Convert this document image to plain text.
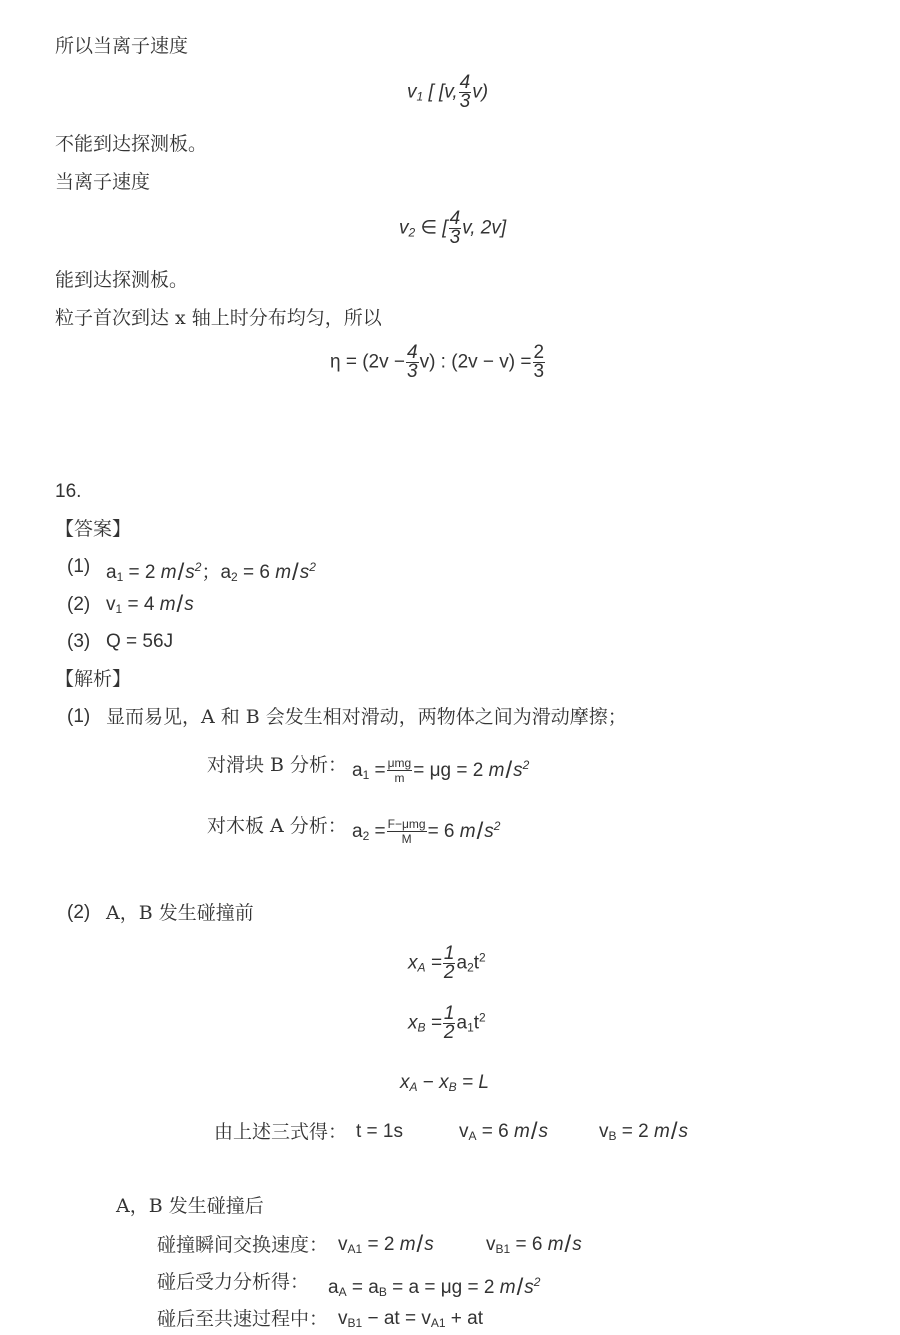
所以当离子速度
$v_1$ [ [v, $\frac{4}{3} v$)
不能到达探测板。
当离子速度
$v_2$ ∈ [ $\frac{4}{3} v$, 2v]
能到达探测板。
粒子首次到达 x 轴上时分布均匀，所以
$\eta = (2v - \frac{4}{3} v)$ : $(2v - v) = \frac{2}{3}$
16.
【答案】
(1) $a_1 = 2$ $m/s^2$；$a_2 = 6$ $m/s^2$
(2) $v_1 = 4$ m/s
(3) Q = 56J
【解析】
(1) 显而易见，A 和 B 会发生相对滑动，两物体之间为滑动摩擦；
对滑块 B 分析： $a_1 = \frac{\text{μmg}}{m} = \mu g = 2$ $m/s^2$
对木板 A 分析： $a_2 = \frac{\text{F−μmg}}{M} = 6$ $m/s^2$
(2) A，B 发生碰撞前
$x_A = \frac{1}{2} a_2t^2$
$x_B = \frac{1}{2} a_1t^2$
$x_A - x_B = L$
由上述三式得： t = 1s	$v_A = 6$ m/s	$v_B = 2$ m/s
A，B 发生碰撞后
碰撞瞬间交换速度： $v_{A1} = 2$ m/s	$v_{B1} = 6$ m/s
碰后受力分析得： $a_A = a_B = a = \mu g = 2$ $m/s^2$
碰后至共速过程中： $v_{B1}$ − at = $v_{A1}$ + at
